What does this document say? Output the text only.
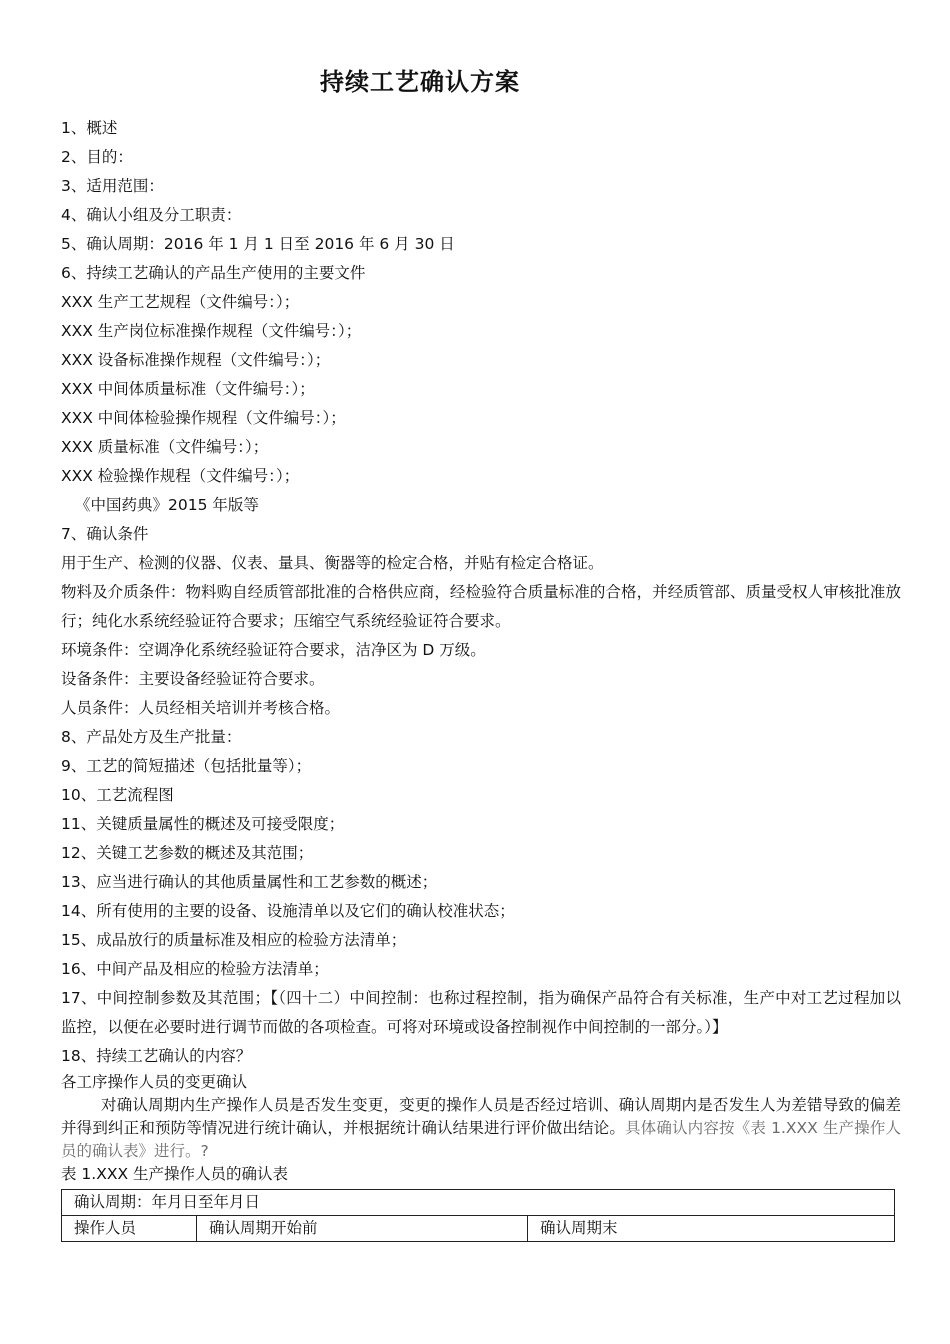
持续工艺确认方案
1、概述
2、目的：
3、适用范围：
4、确认小组及分工职责：
5、确认周期：2016 年 1 月 1 日至 2016 年 6 月 30 日
6、持续工艺确认的产品生产使用的主要文件
XXX 生产工艺规程（文件编号：）；
XXX 生产岗位标准操作规程（文件编号：）；
XXX 设备标准操作规程（文件编号：）；
XXX 中间体质量标准（文件编号：）；
XXX 中间体检验操作规程（文件编号：）；
XXX 质量标准（文件编号：）；
XXX 检验操作规程（文件编号：）；
《中国药典》2015 年版等
7、确认条件
用于生产、检测的仪器、仪表、量具、衡器等的检定合格，并贴有检定合格证。
物料及介质条件：物料购自经质管部批准的合格供应商，经检验符合质量标准的合格，并经质管部、质量受权人审核批准放行；纯化水系统经验证符合要求；压缩空气系统经验证符合要求。
环境条件：空调净化系统经验证符合要求，洁净区为 D 万级。
设备条件：主要设备经验证符合要求。
人员条件：人员经相关培训并考核合格。
8、产品处方及生产批量：
9、工艺的简短描述（包括批量等）；
10、工艺流程图
11、关键质量属性的概述及可接受限度；
12、关键工艺参数的概述及其范围；
13、应当进行确认的其他质量属性和工艺参数的概述；
14、所有使用的主要的设备、设施清单以及它们的确认校准状态；
15、成品放行的质量标准及相应的检验方法清单；
16、中间产品及相应的检验方法清单；
17、中间控制参数及其范围；【（四十二）中间控制：也称过程控制，指为确保产品符合有关标准，生产中对工艺过程加以监控，以便在必要时进行调节而做的各项检查。可将对环境或设备控制视作中间控制的一部分。）】
18、持续工艺确认的内容？
各工序操作人员的变更确认
对确认周期内生产操作人员是否发生变更，变更的操作人员是否经过培训、确认周期内是否发生人为差错导致的偏差并得到纠正和预防等情况进行统计确认，并根据统计确认结果进行评价做出结论。具体确认内容按《表 1.XXX 生产操作人员的确认表》进行。?
表 1.XXX 生产操作人员的确认表
确认周期：年月日至年月日
操作人员	确认周期开始前	确认周期末
